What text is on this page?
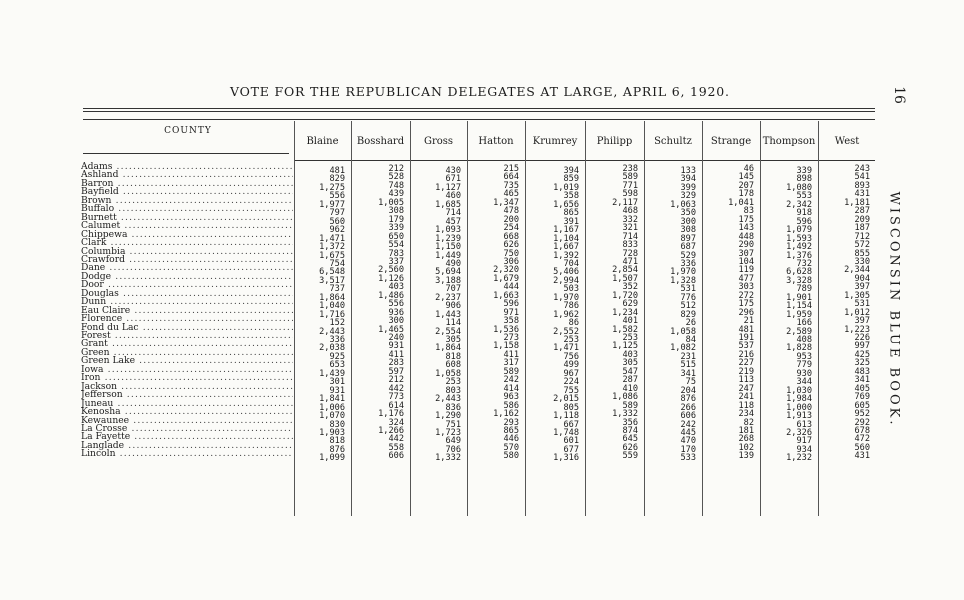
VOTE FOR THE REPUBLICAN DELEGATES AT LARGE, APRIL 6, 1920.	16
WISCONSIN BLUE BOOK.
COUNTY
Blaine	Bosshard	Gross	Hatton	Krumrey	Philipp	Schultz	Strange	Thompson	West
Adams .....	481	212	430	215	394	238	133	46	339	243
Ashland .....	829	528	671	664	859	589	394	145	898	541
Barron .....	1,275	748	1,127	735	1,019	771	399	207	1,080	893
Bayfield .....	556	439	460	465	358	598	329	178	553	431
Brown .....	1,977	1,005	1,685	1,347	1,656	2,117	1,063	1,041	2,342	1,181
Buffalo .....	797	308	714	478	865	468	350	83	918	287
Burnett .....	560	179	457	200	391	332	300	175	596	209
Calumet .....	962	339	1,093	254	1,167	321	308	143	1,079	187
Chippewa .....	1,471	650	1,239	668	1,104	714	897	448	1,593	712
Clark .....	1,372	554	1,150	626	1,667	833	687	290	1,492	572
Columbia .....	1,675	783	1,449	750	1,392	728	529	307	1,376	855
Crawford .....	754	337	490	306	704	471	336	104	732	330
Dane .....	6,548	2,560	5,694	2,320	5,406	2,854	1,970	119	6,628	2,344
Dodge .....	3,517	1,126	3,188	1,679	2,994	1,507	1,328	477	3,328	904
Door .....	737	403	707	444	503	352	531	303	789	397
Douglas .....	1,864	1,486	2,237	1,663	1,970	1,720	776	272	1,901	1,305
Dunn .....	1,040	556	906	596	786	629	512	175	1,154	531
Eau Claire .....	1,716	936	1,443	971	1,962	1,234	829	296	1,959	1,012
Florence .....	152	300	114	358	86	401	26	21	166	397
Fond du Lac .....	2,443	1,465	2,554	1,536	2,552	1,582	1,058	481	2,589	1,223
Forest .....	336	240	305	273	253	253	84	191	408	226
Grant .....	2,038	931	1,864	1,158	1,471	1,125	1,082	537	1,828	997
Green .....	925	411	818	411	756	403	231	216	953	425
Green Lake .....	653	283	608	317	499	305	515	227	779	325
Iowa .....	1,439	597	1,058	589	967	547	341	219	930	483
Iron .....	301	212	253	242	224	287	75	113	344	341
Jackson .....	931	442	803	414	755	410	204	247	1,030	405
Jefferson .....	1,841	773	2,443	963	2,015	1,086	876	241	1,984	769
Juneau .....	1,006	614	836	586	805	589	266	118	1,000	605
Kenosha .....	1,070	1,176	1,290	1,162	1,118	1,332	606	234	1,913	952
Kewaunee .....	830	324	751	293	667	356	242	82	613	292
La Crosse .....	1,903	1,266	1,723	865	1,748	874	445	181	2,326	678
La Fayette .....	818	442	649	446	601	645	470	268	917	472
Langlade .....	876	558	706	570	677	626	170	102	934	560
Lincoln .....	1,099	606	1,332	580	1,316	559	533	139	1,232	431
